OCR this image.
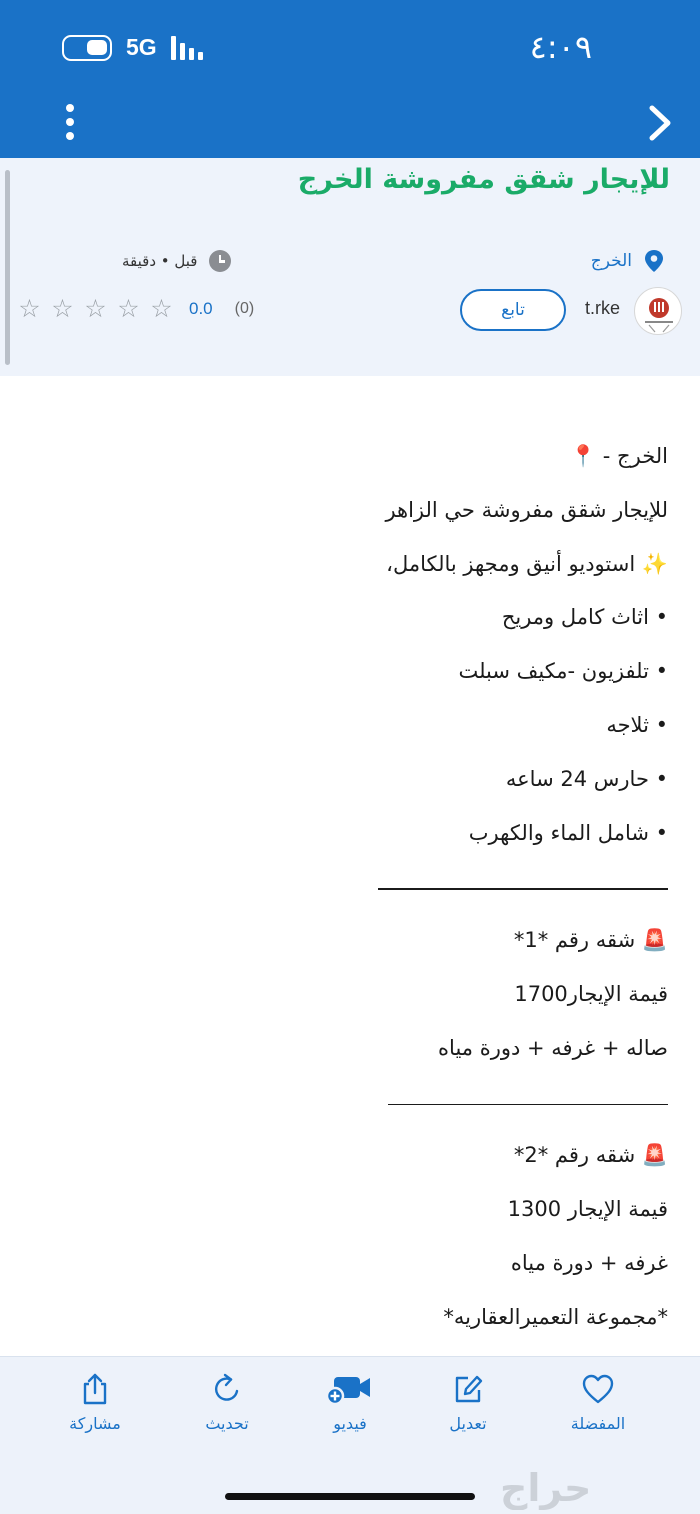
5G	٤:٠٩
للإيجار شقق مفروشة الخرج
الخرج
قبل • دقيقة
t.rke
تابع
☆ ☆ ☆ ☆ ☆ 0.0 (0)
الخرج - 📍
للإيجار شقق مفروشة حي الزاهر
✨ استوديو أنيق ومجهز بالكامل،
• اثاث كامل ومريح
• تلفزيون -مكيف سبلت
• ثلاجه
• حارس 24 ساعه
• شامل الماء والكهرب
🚨 شقه رقم *1*
قيمة الإيجار1700
صاله + غرفه + دورة مياه
🚨 شقه رقم *2*
قيمة الإيجار 1300
غرفه + دورة مياه
*مجموعة التعميرالعقاريه*
مشاركة	تحديث	فيديو	تعديل	المفضلة
حراج
